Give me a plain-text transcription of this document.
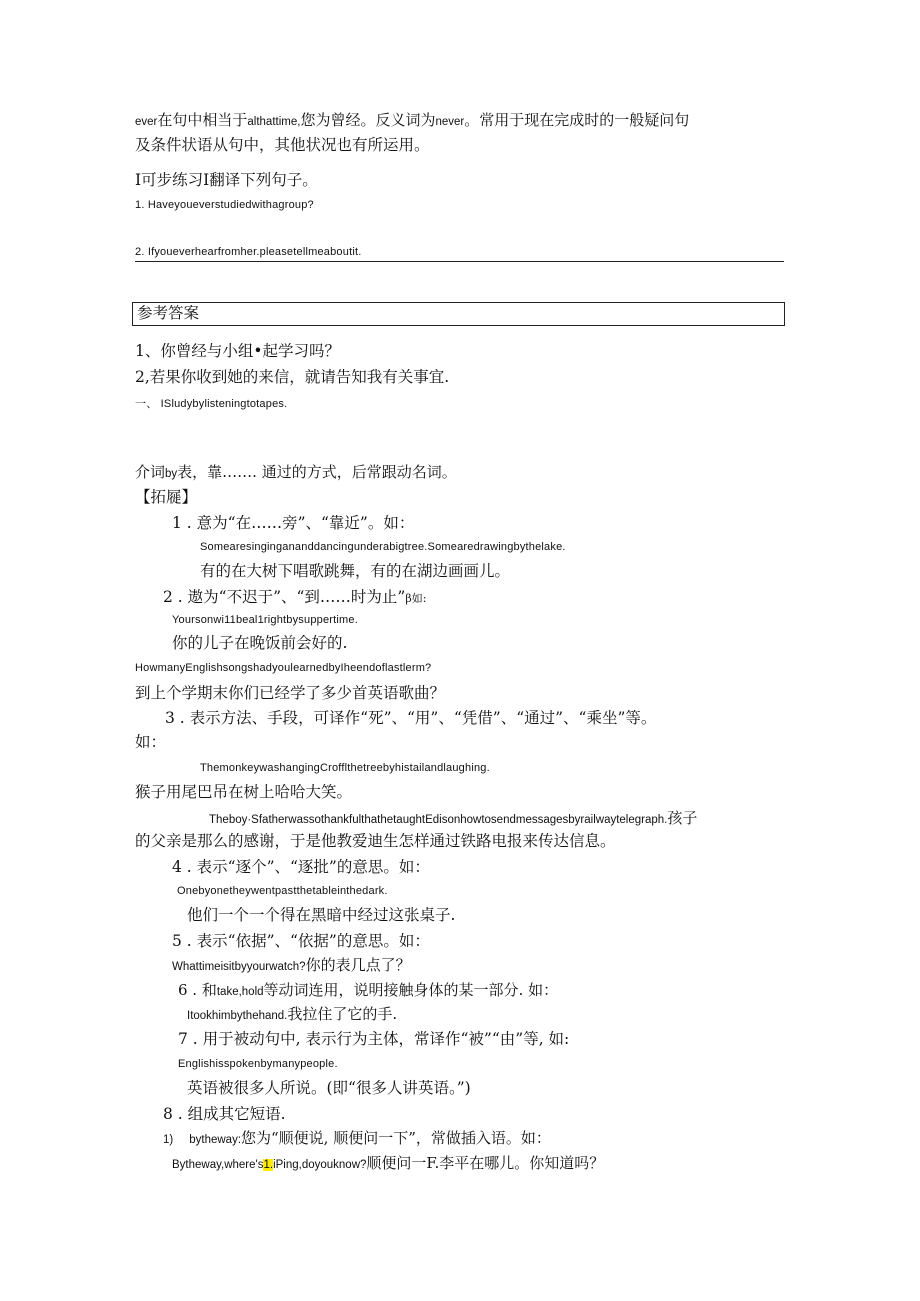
ever在句中相当于althattime,您为曾经。反义词为never。常用于现在完成时的一般疑问句
及条件状语从句中，其他状况也有所运用。
I可步练习I翻译下列句子。
1. Haveyoueverstudiedwithagroup?
2. Ifyoueverhearfromher.pleasetellmeaboutit.
参考答案
1、你曾经与小组•起学习吗？
2,若果你收到她的来信，就请告知我有关事宜.
一、 ISludybylisteningtotapes.
介词by表，靠……. 通过的方式，后常跟动名词。
【拓屣】
1 . 意为“在……旁”、“靠近”。如：
Somearesingingananddancingunderabigtree.Somearedrawingbythelake.
有的在大树下唱歌跳舞，有的在湖边画画儿。
2 . 遨为“不迟于”、“到……时为止”β如:
Yoursonwi11beal1rightbysuppertime.
你的儿子在晚饭前会好的.
HowmanyEnglishsongshadyoulearnedbyIheendoflastlerm?
到上个学期末你们已经学了多少首英语歌曲？
3 . 表示方法、手段，可译作“死”、“用”、“凭借”、“通过”、“乘坐”等。
如：
ThemonkeywashangingCrofflthetreebyhistailandlaughing.
猴子用尾巴吊在树上哈哈大笑。
Theboy·SfatherwassothankfulthathetaughtEdisonhowtosendmessagesbyrailwaytelegraph.孩子
的父亲是那么的感谢，于是他教爱迪生怎样通过铁路电报来传达信息。
4 . 表示“逐个”、“逐批”的意思。如：
Onebyonetheywentpastthetableinthedark.
他们一个一个得在黑暗中经过这张桌子.
5 . 表示“依据”、“依据”的意思。如：
Whattimeisitbyyourwatch?你的表几点了？
6 . 和take,hold等动词连用，说明接触身体的某一部分. 如：
Itookhimbythehand.我拉住了它的手.
7 . 用于被动句中, 表示行为主体，常译作“被”“由”等, 如:
Englishisspokenbymanypeople.
英语被很多人所说。(即“很多人讲英语。”)
8 . 组成其它短语.
1) bytheway:您为“顺便说, 顺便问一下”，常做插入语。如：
Bytheway,where's1.iPing,doyouknow?顺便问一F.李平在哪儿。你知道吗？
